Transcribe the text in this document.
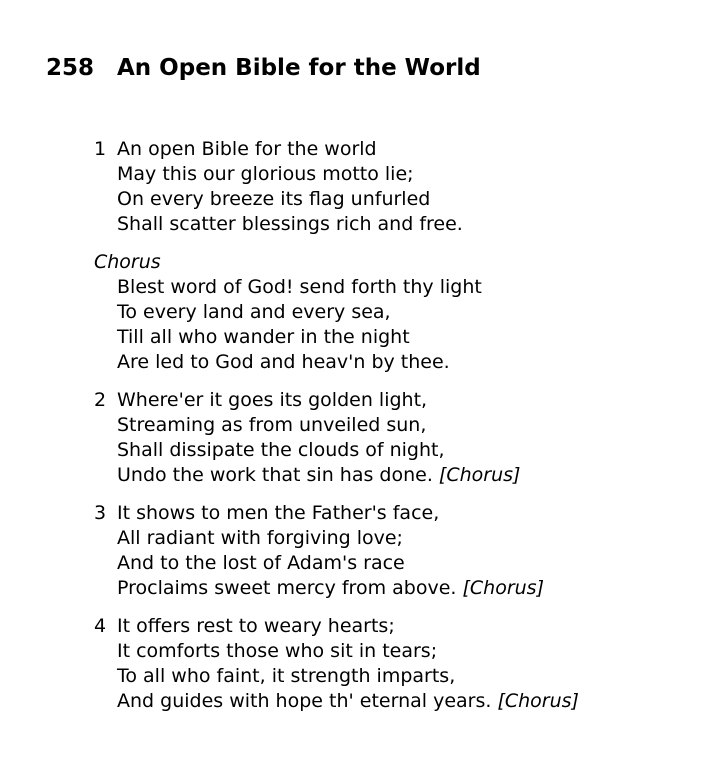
258 An Open Bible for the World
1 An open Bible for the world
May this our glorious motto lie;
On every breeze its flag unfurled
Shall scatter blessings rich and free.
Chorus
Blest word of God! send forth thy light
To every land and every sea,
Till all who wander in the night
Are led to God and heav'n by thee.
2 Where'er it goes its golden light,
Streaming as from unveiled sun,
Shall dissipate the clouds of night,
Undo the work that sin has done. [Chorus]
3 It shows to men the Father's face,
All radiant with forgiving love;
And to the lost of Adam's race
Proclaims sweet mercy from above. [Chorus]
4 It offers rest to weary hearts;
It comforts those who sit in tears;
To all who faint, it strength imparts,
And guides with hope th' eternal years. [Chorus]
